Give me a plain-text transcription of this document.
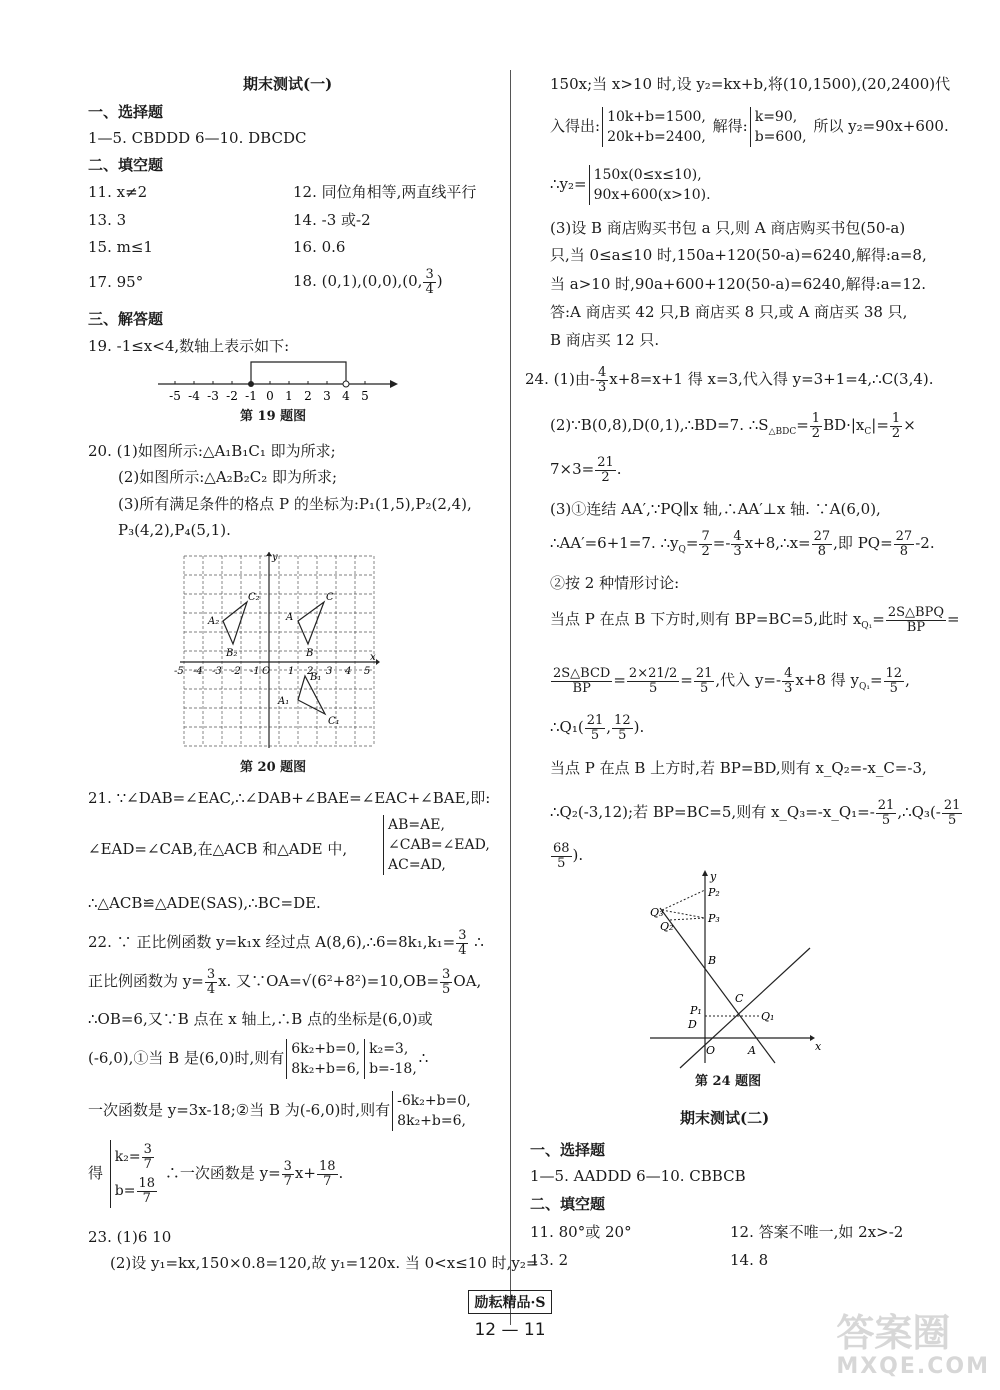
期末测试(一)
一、选择题
1—5. CBDDD 6—10. DBCDC
二、填空题
11. x≠2	12. 同位角相等,两直线平行
13. 3	14. -3 或-2
15. m≤1	16. 0.6
17. 95°	18. (0,1),(0,0),(0, $\frac{3}{4}$ )
三、解答题
19. -1≤x<4,数轴上表示如下:
-5 -4 -3 -2 -1 0 1 2 3 4 5
第 19 题图
20. (1)如图所示:△A₁B₁C₁ 即为所求;
(2)如图所示:△A₂B₂C₂ 即为所求;
(3)所有满足条件的格点 P 的坐标为:P₁(1,5),P₂(2,4),
P₃(4,2),P₄(5,1).
-5 -4 -3 -2 -1 O 1 2 3 4 5
A₂
B₂
C₂
A
B
C
A₁
B₁
C₁
x
y
第 20 题图
21. ∵∠DAB=∠EAC,∴∠DAB+∠BAE=∠EAC+∠BAE,即:
∠EAD=∠CAB,在△ACB 和△ADE 中,
AB=AE,
∠CAB=∠EAD,
AC=AD,
∴△ACB≌△ADE(SAS),∴BC=DE.
22. ∵ 正比例函数 y=k₁x 经过点 A(8,6),∴6=8k₁,k₁= $\frac{3}{4}$ ∴
正比例函数为 $y= \frac{3}{4} x$. 又∵OA=√(6²+8²)=10,OB= $\frac{3}{5}$ OA,
∴OB=6,又∵B 点在 x 轴上,∴B 点的坐标是(6,0)或
(-6,0),①当 B 是(6,0)时,则有 6k₂+b=0,
8k₂+b=6,
k₂=3,
b=-18,
∴
一次函数是 y=3x-18;②当 B 为(-6,0)时,则有 -6k₂+b=0,
8k₂+b=6,
得
$k_2= \frac{3}{7}$
$b= \frac{18}{7}$
∴一次函数是 $y= \frac{3}{7} x+ \frac{18}{7}$ .
23. (1)6 10
(2)设 y₁=kx,150×0.8=120,故 y₁=120x. 当 0<x≤10 时,y₂=
150x;当 x>10 时,设 y₂=kx+b,将(10,1500),(20,2400)代
入得出: 10k+b=1500,
20k+b=2400,
解得: k=90,
b=600,
所以 y₂=90x+600.
∴y₂= 150x(0≤x≤10),
90x+600(x>10).
(3)设 B 商店购买书包 a 只,则 A 商店购买书包(50-a)
只,当 0≤a≤10 时,150a+120(50-a)=6240,解得:a=8,
当 a>10 时,90a+600+120(50-a)=6240,解得:a=12.
答:A 商店买 42 只,B 商店买 8 只,或 A 商店买 38 只,
B 商店买 12 只.
24. (1)由- $\frac{4}{3} x+8=x+1$ 得 x=3,代入得 y=3+1=4,∴C(3,4).
(2)∵B(0,8),D(0,1),∴BD=7. $\therefore S_{\triangle BDC}= \frac{1}{2} BD\cdot|x_C|= \frac{1}{2}$ ×
$7\times 3= \frac{21}{2}$ .
(3)①连结 AA′,∵PQ∥x 轴,∴AA′⊥x 轴. ∵A(6,0),
∴AA′=6+1=7. $\therefore y_Q= \frac{7}{2} =- \frac{4}{3}$ x+8,∴x= $\frac{27}{8}$ ,即 $PQ= \frac{27}{8} -2$.
②按 2 种情形讨论:
当点 P 在点 B 下方时,则有 BP=BC=5,此时 $x_{Q_1}= \frac{\text{2S△BPQ}}{BP}$ =
$\frac{\text{2S△BCD}}{BP} = \frac{2\times 21/2}{5} = \frac{21}{5}$ ,代入 $y=- \frac{4}{3} x+8$ 得 $y_{Q_1}= \frac{12}{5}$ ,
∴Q₁( $\frac{21}{5}$ , $\frac{12}{5}$ ).
当点 P 在点 B 上方时,若 BP=BD,则有 x_Q₂=-x_C=-3,
∴Q₂(-3,12);若 BP=BC=5,则有 x_Q₃=-x_Q₁=- $\frac{21}{5}$ ,∴Q₃(- $\frac{21}{5}$
$\frac{68}{5}$ ).
y
x
O	A
B
C
D
P₁
P₂
P₃
Q₁
Q₂
Q₃
第 24 题图
期末测试(二)
一、选择题
1—5. AADDD 6—10. CBBCB
二、填空题
11. 80°或 20°	12. 答案不唯一,如 2x>-2
13. 2	14. 8
励耘精品·S
12 — 11	答案圈
MXQE.COM
